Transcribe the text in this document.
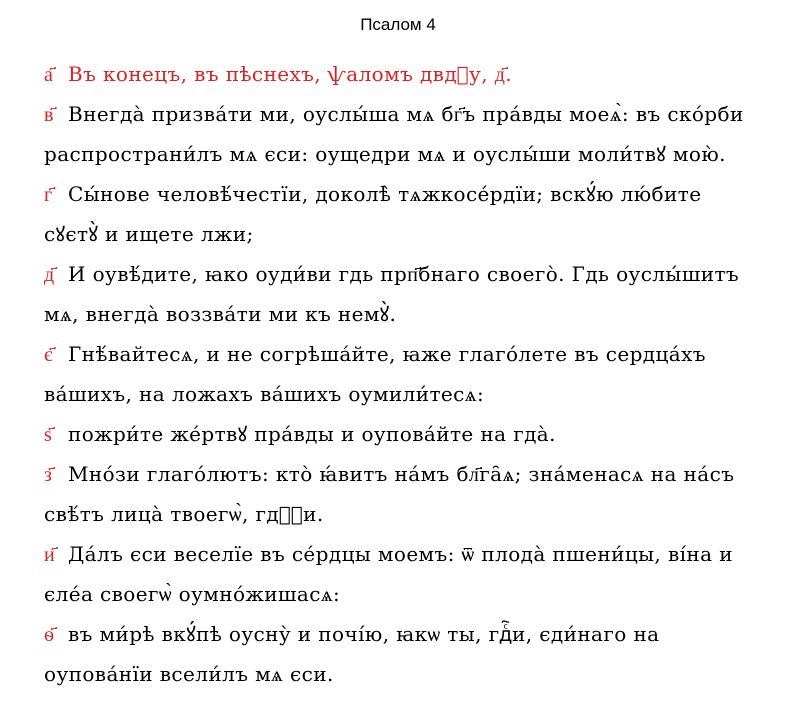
Псалом 4

а҃ Въ конецъ, въ пѣснехъ, ѱаломъ двдⷣу, д҃.

в҃ Внегда̀ призва́ти ми, оуслы́ша мѧ бг҃ъ пра́вды моеѧ̀: въ ско́рби распространи́лъ мѧ єси: оущедри мѧ и оуслы́ши моли́твꙋ мою̀.

г҃ Сы́нове человѣ́честїи, доколѣ̀ тѧжкосе́рдїи; вскꙋ́ю лю́бите сꙋєтꙋ̀ и ищете лжи;

д҃ И оувѣ́дите, ꙗко оуди́ви гдь прп҃бнаго своего̀. Гдь оуслы́шитъ мѧ, внегда̀ воззва́ти ми къ немꙋ̀.

є҃ Гнѣ́вайтесѧ, и не согрѣша́йте, ꙗже глаго́лете въ сердца́хъ ва́шихъ, на ложахъ ва́шихъ оумили́тесѧ:

ѕ҃ пожри́те же́ртвꙋ пра́вды и оупова́йте на гда̀.

з҃ Мно́зи глаго́лютъ: кто̀ ꙗ́витъ на́мъ бл҃га̑ѧ; зна́менасѧ на на́съ свѣ́тъ лица̀ твоегѡ̀, гдⷭ҇и.

и҃ Да́лъ єси веселїе въ се́рдцы моемъ: ѿ плода̀ пшени́цы, ві́на и єле́а своегѡ̀ оумно́жишасѧ:

ѳ҃ въ ми́рѣ вкꙋ́пѣ оусну̀ и почі́ю, ꙗкѡ ты, гдⷭ҇и, єди́наго на оупова́нїи всели́лъ мѧ єси.
